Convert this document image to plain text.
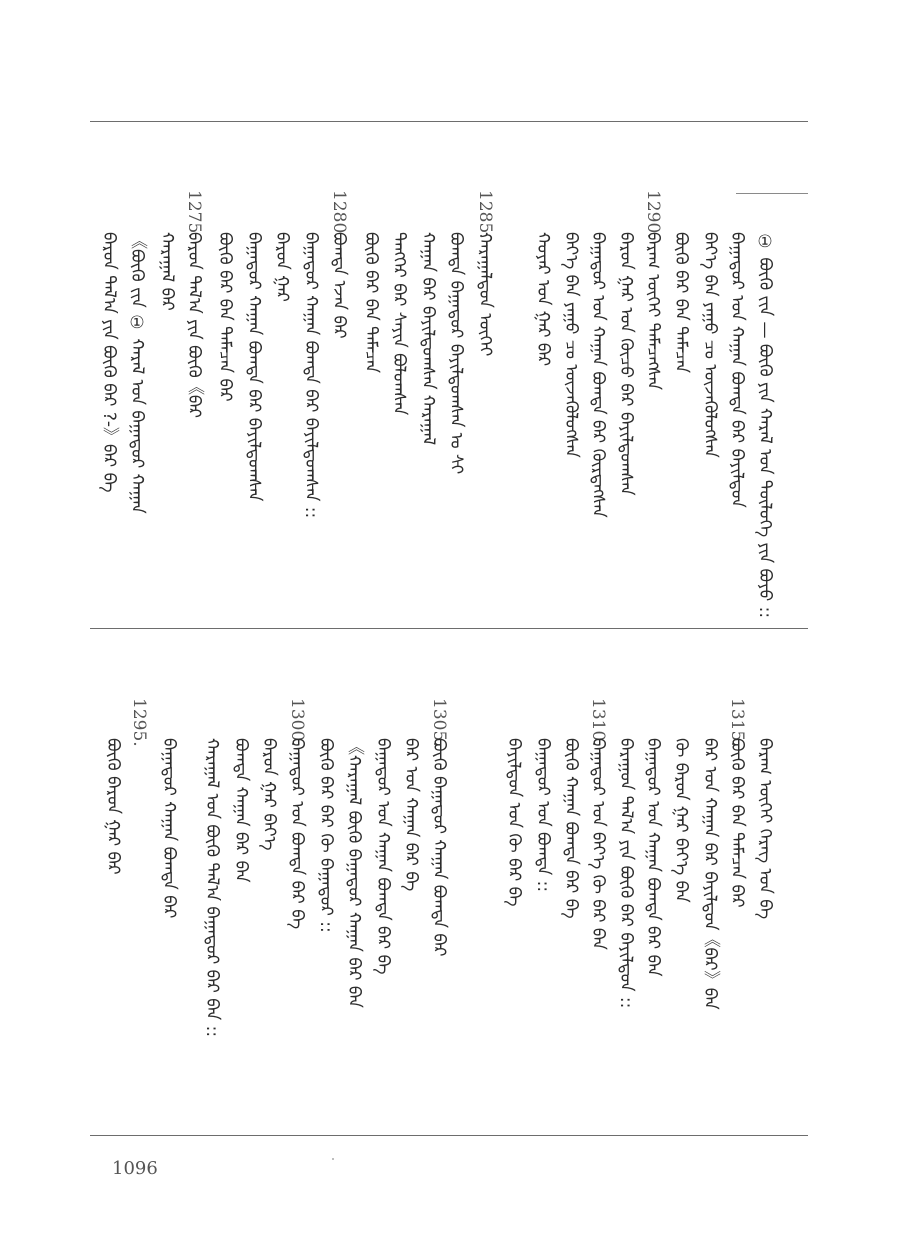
① ᠪᠦᠬᠦ ᠵᠢᠨ — ᠪᠦᠬᠦ ᠶᠢᠨ ᠬᠠᠷᠠᠯ ᠤᠨ ᠲᠥᠯᠥᠭᠡ ᠶᠢᠨ ᠪᠤᠶᠤ ::
ᠪᠠᠭᠠᠲᠤᠷ ᠤᠨ ᠬᠠᠭᠠᠨ ᠪᠣᠭᠳᠠ ᠪᠠᠷ ᠪᠠᠶᠢᠯᠳᠤᠨ
ᠪᠡᠶ᠎ᠡ ᠪᠡᠨ ᠶᠠᠭᠤ ᠴᠤ ᠦᠵᠡᠭᠦᠯᠦᠭᠰᠡᠨ
ᠪᠦᠬᠦ ᠪᠡᠷ ᠪᠠᠨ ᠲᠡᠮᠡᠴᠡᠨ
1290.
ᠪᠠᠷᠠᠭ ᠦᠭᠡᠢ ᠲᠡᠮᠡᠴᠡᠭᠰᠡᠨ
ᠪᠠᠷᠤᠨ ᠭᠠᠷ ᠤᠨ ᠬᠦᠴᠦ ᠪᠡᠷ ᠪᠠᠶᠢᠯᠳᠤᠭᠰᠠᠨ
ᠪᠠᠭᠠᠲᠤᠷ ᠤᠨ ᠬᠠᠭᠠᠨ ᠪᠣᠭᠳᠠ ᠪᠠᠷ ᠬᠦᠷᠳᠡᠭᠰᠡᠨ
ᠪᠡᠶ᠎ᠡ ᠪᠡᠨ ᠶᠠᠭᠤ ᠴᠤ ᠦᠵᠡᠭᠦᠯᠦᠭᠰᠡᠨ
ᠬᠣᠶᠠᠷ ᠤᠨ ᠭᠠᠷ ᠪᠡᠷ
1285.
ᠬᠠᠷᠠᠭᠠᠯᠳᠤᠨ ᠦᠭᠡᠢ
ᠪᠣᠭᠳᠠ ᠪᠠᠭᠠᠲᠤᠷ ᠪᠠᠶᠢᠯᠳᠤᠭᠰᠠᠨ ᠤ ᠰᠢ
ᠬᠠᠭᠠᠨ ᠪᠡᠷ ᠪᠠᠶᠢᠯᠳᠤᠭᠰᠠᠨ ᠬᠠᠷᠠᠭᠠᠯ
ᠲᠡᠩᠭᠡᠷ ᠪᠡᠷ ᠰᠠᠶᠢᠨ ᠪᠣᠯᠤᠭᠰᠠᠨ
ᠪᠦᠬᠦ ᠪᠡᠷ ᠪᠠᠨ ᠲᠡᠮᠡᠴᠡᠨ
1280.
ᠪᠣᠭᠳᠠ ᠡᠵᠡᠨ ᠪᠡᠷ
ᠪᠠᠭᠠᠲᠤᠷ ᠬᠠᠭᠠᠨ ᠪᠣᠭᠳᠠ ᠪᠡᠷ ᠪᠠᠶᠢᠯᠳᠤᠭᠰᠠᠨ ::
ᠪᠠᠷᠤᠨ ᠭᠠᠷ
ᠪᠠᠭᠠᠲᠤᠷ ᠬᠠᠭᠠᠨ ᠪᠣᠭᠳᠠ ᠪᠠᠷ ᠪᠠᠶᠢᠯᠳᠤᠭᠰᠠᠨ
ᠪᠦᠬᠦ ᠪᠡᠷ ᠪᠠᠨ ᠲᠡᠮᠡᠴᠡᠨ ᠪᠡᠷ
1275.
ᠪᠠᠷᠤᠨ ᠲᠠᠯ᠎ᠠ ᠶᠢᠨ ᠪᠦᠬᠦ《ᠪᠡᠷ
ᠬᠠᠷᠠᠭᠠᠯ ᠪᠡᠷ
《ᠪᠦᠬᠦ ᠵᠢᠨ ① ᠬᠠᠷᠠᠯ ᠤᠨ ᠪᠠᠭᠠᠲᠤᠷ ᠬᠠᠭᠠᠨ
ᠪᠠᠷᠤᠨ ᠲᠠᠯ᠎ᠠ ᠶᠢᠨ ᠪᠦᠬᠦ ᠪᠡᠷ ?-》ᠪᠡᠷ ᠪᠡ
ᠪᠠᠷᠠᠭ ᠦᠭᠡᠢ ᠬᠡᠷᠡᠭ ᠤᠨ ᠪᠡ
1315.
ᠪᠦᠬᠦ ᠪᠡᠷ ᠪᠠᠨ ᠲᠡᠮᠡᠴᠡᠨ ᠪᠡᠷ
ᠪᠠᠷ ᠤᠨ ᠬᠠᠭᠠᠨ ᠪᠡᠷ ᠪᠠᠶᠢᠯᠳᠤᠨ《ᠪᠡᠷ》ᠪᠡᠨ
ᠬᠦ ᠪᠠᠷᠤᠨ ᠭᠠᠷ ᠪᠡᠶ᠎ᠡ ᠪᠡᠨ
ᠪᠠᠭᠠᠲᠤᠷ ᠤᠨ ᠬᠠᠭᠠᠨ ᠪᠣᠭᠳᠠ ᠪᠡᠷ ᠪᠡᠨ
ᠪᠠᠷᠠᠭᠤᠨ ᠲᠠᠯ᠎ᠠ ᠶᠢᠨ ᠪᠦᠬᠦ ᠪᠡᠷ ᠪᠠᠶᠢᠯᠳᠤᠨ ::
1310.
ᠪᠠᠭᠠᠲᠤᠷ ᠤᠨ ᠪᠡᠶ᠎ᠡ ᠬᠦ ᠪᠡᠷ ᠪᠡᠨ
ᠪᠦᠬᠦ ᠬᠠᠭᠠᠨ ᠪᠣᠭᠳᠠ ᠪᠡᠷ ᠪᠡ
ᠪᠠᠭᠠᠲᠤᠷ ᠤᠨ ᠪᠣᠭᠳᠠ ::
ᠪᠠᠶᠢᠯᠳᠤᠨ ᠤᠨ ᠬᠦ ᠪᠡᠷ ᠪᠡ
1305.
ᠪᠦᠬᠦ ᠪᠠᠭᠠᠲᠤᠷ ᠬᠠᠭᠠᠨ ᠪᠣᠭᠳᠠ ᠪᠡᠷ
ᠪᠠᠷ ᠤᠨ ᠬᠠᠭᠠᠨ ᠪᠡᠷ ᠪᠡ
ᠪᠠᠭᠠᠲᠤᠷ ᠤᠨ ᠬᠠᠭᠠᠨ ᠪᠣᠭᠳᠠ ᠪᠡᠷ ᠪᠡ
《ᠬᠠᠷᠠᠭᠠᠯ ᠪᠦᠬᠦ ᠪᠠᠭᠠᠲᠤᠷ ᠬᠠᠭᠠᠨ ᠪᠡᠷ ᠪᠡᠨ
ᠪᠦᠬᠦ ᠪᠠᠷ ᠪᠡᠷ ᠬᠦ ᠪᠠᠭᠠᠲᠤᠷ ::
1300.
ᠪᠠᠭᠠᠲᠤᠷ ᠤᠨ ᠪᠣᠭᠳᠠ ᠪᠡᠷ ᠪᠡ
ᠪᠠᠷᠤᠨ ᠭᠠᠷ ᠪᠡᠶ᠎ᠡ
ᠪᠣᠭᠳᠠ ᠬᠠᠭᠠᠨ ᠪᠡᠷ ᠪᠡᠨ
ᠬᠠᠷᠠᠭᠠᠯ ᠤᠨ ᠪᠦᠬᠦ ᠲᠠᠯ᠎ᠠ ᠪᠠᠭᠠᠲᠤᠷ ᠪᠡᠷ ᠪᠡᠨ ::
ᠪᠠᠭᠠᠲᠤᠷ ᠬᠠᠭᠠᠨ ᠪᠣᠭᠳᠠ ᠪᠡᠷ
1295.
ᠪᠦᠬᠦ ᠪᠠᠷᠤᠨ ᠭᠠᠷ ᠪᠡᠷ
1096
